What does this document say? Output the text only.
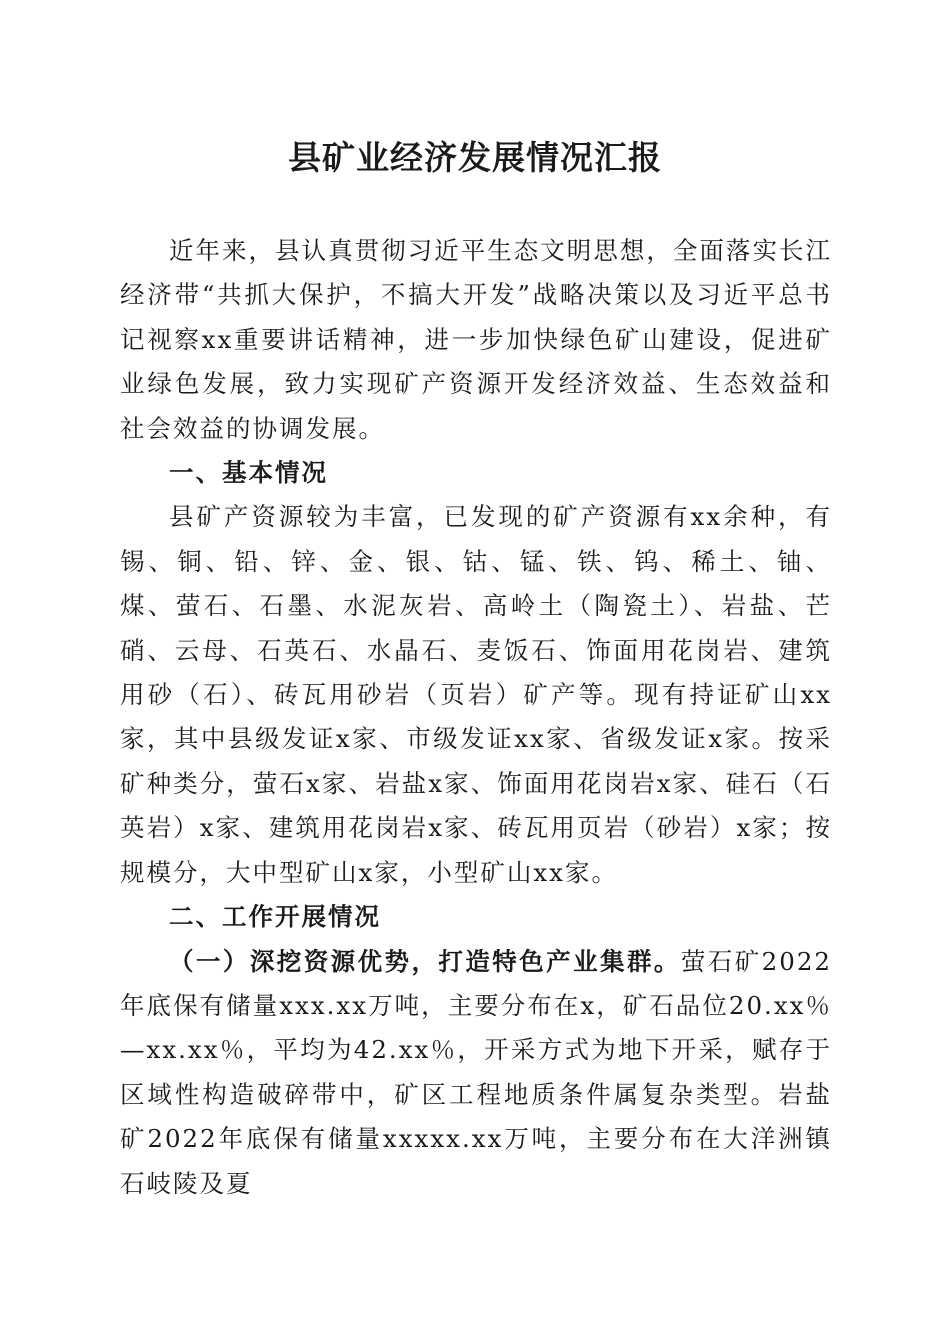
县矿业经济发展情况汇报

近年来，县认真贯彻习近平生态文明思想，全面落实长江经济带“共抓大保护，不搞大开发”战略决策以及习近平总书记视察xx重要讲话精神，进一步加快绿色矿山建设，促进矿业绿色发展，致力实现矿产资源开发经济效益、生态效益和社会效益的协调发展。

一、基本情况

县矿产资源较为丰富，已发现的矿产资源有xx余种，有锡、铜、铅、锌、金、银、钴、锰、铁、钨、稀土、铀、煤、萤石、石墨、水泥灰岩、高岭土（陶瓷土）、岩盐、芒硝、云母、石英石、水晶石、麦饭石、饰面用花岗岩、建筑用砂（石）、砖瓦用砂岩（页岩）矿产等。现有持证矿山xx家，其中县级发证x家、市级发证xx家、省级发证x家。按采矿种类分，萤石x家、岩盐x家、饰面用花岗岩x家、硅石（石英岩）x家、建筑用花岗岩x家、砖瓦用页岩（砂岩）x家；按规模分，大中型矿山x家，小型矿山xx家。

二、工作开展情况

（一）深挖资源优势，打造特色产业集群。萤石矿2022年底保有储量xxx.xx万吨，主要分布在x，矿石品位20.xx％—xx.xx％，平均为42.xx％，开采方式为地下开采，赋存于区域性构造破碎带中，矿区工程地质条件属复杂类型。岩盐矿2022年底保有储量xxxxx.xx万吨，主要分布在大洋洲镇石岐陵及夏
